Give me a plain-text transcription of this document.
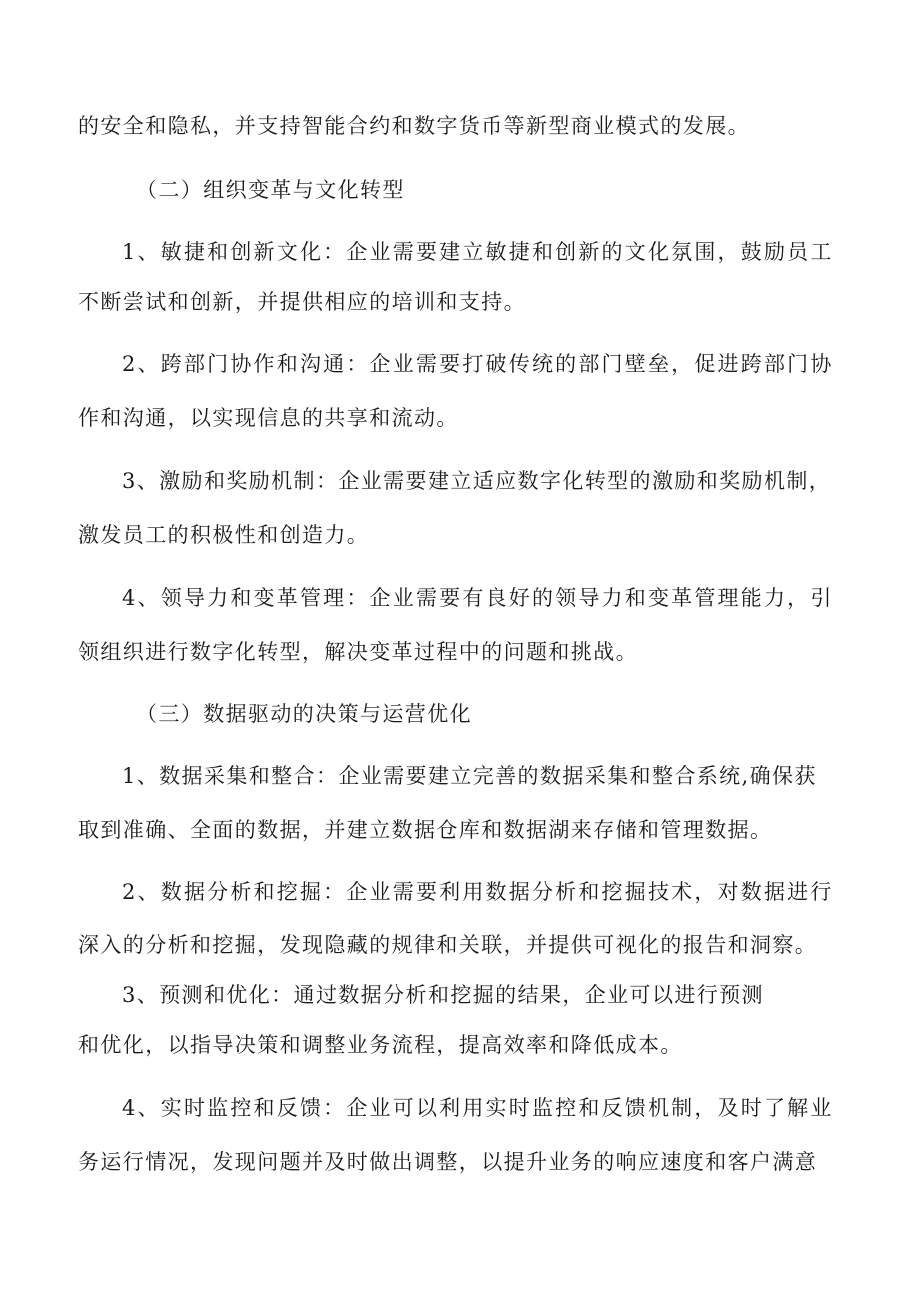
的安全和隐私，并支持智能合约和数字货币等新型商业模式的发展。
（二）组织变革与文化转型
1、敏捷和创新文化：企业需要建立敏捷和创新的文化氛围，鼓励员工
不断尝试和创新，并提供相应的培训和支持。
2、跨部门协作和沟通：企业需要打破传统的部门壁垒，促进跨部门协
作和沟通，以实现信息的共享和流动。
3、激励和奖励机制：企业需要建立适应数字化转型的激励和奖励机制，
激发员工的积极性和创造力。
4、领导力和变革管理：企业需要有良好的领导力和变革管理能力，引
领组织进行数字化转型，解决变革过程中的问题和挑战。
（三）数据驱动的决策与运营优化
1、数据采集和整合：企业需要建立完善的数据采集和整合系统,确保获
取到准确、全面的数据，并建立数据仓库和数据湖来存储和管理数据。
2、数据分析和挖掘：企业需要利用数据分析和挖掘技术，对数据进行
深入的分析和挖掘，发现隐藏的规律和关联，并提供可视化的报告和洞察。
3、预测和优化：通过数据分析和挖掘的结果，企业可以进行预测
和优化，以指导决策和调整业务流程，提高效率和降低成本。
4、实时监控和反馈：企业可以利用实时监控和反馈机制，及时了解业
务运行情况，发现问题并及时做出调整，以提升业务的响应速度和客户满意
